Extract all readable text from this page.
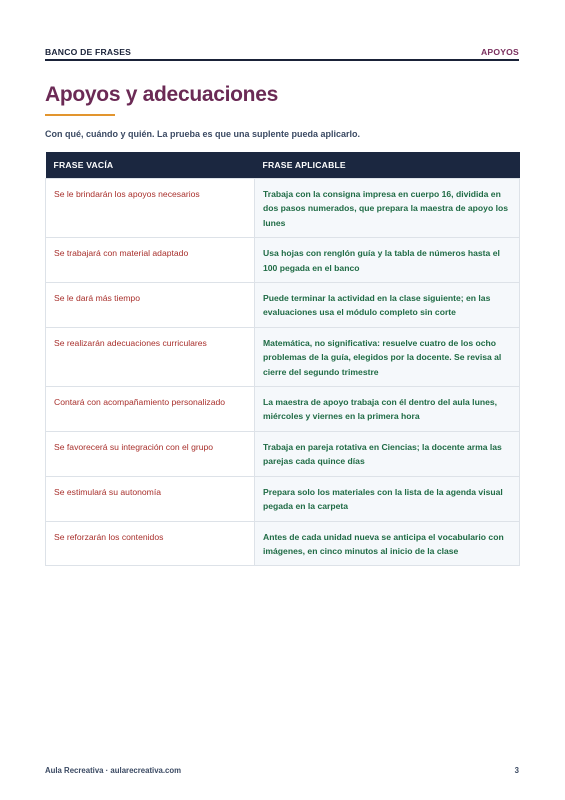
BANCO DE FRASES	APOYOS
Apoyos y adecuaciones
Con qué, cuándo y quién. La prueba es que una suplente pueda aplicarlo.
FRASE VACÍA	FRASE APLICABLE
Se le brindarán los apoyos necesarios	Trabaja con la consigna impresa en cuerpo 16, dividida en dos pasos numerados, que prepara la maestra de apoyo los lunes
Se trabajará con material adaptado	Usa hojas con renglón guía y la tabla de números hasta el 100 pegada en el banco
Se le dará más tiempo	Puede terminar la actividad en la clase siguiente; en las evaluaciones usa el módulo completo sin corte
Se realizarán adecuaciones curriculares	Matemática, no significativa: resuelve cuatro de los ocho problemas de la guía, elegidos por la docente. Se revisa al cierre del segundo trimestre
Contará con acompañamiento personalizado	La maestra de apoyo trabaja con él dentro del aula lunes, miércoles y viernes en la primera hora
Se favorecerá su integración con el grupo	Trabaja en pareja rotativa en Ciencias; la docente arma las parejas cada quince días
Se estimulará su autonomía	Prepara solo los materiales con la lista de la agenda visual pegada en la carpeta
Se reforzarán los contenidos	Antes de cada unidad nueva se anticipa el vocabulario con imágenes, en cinco minutos al inicio de la clase
Aula Recreativa · aularecreativa.com	3
